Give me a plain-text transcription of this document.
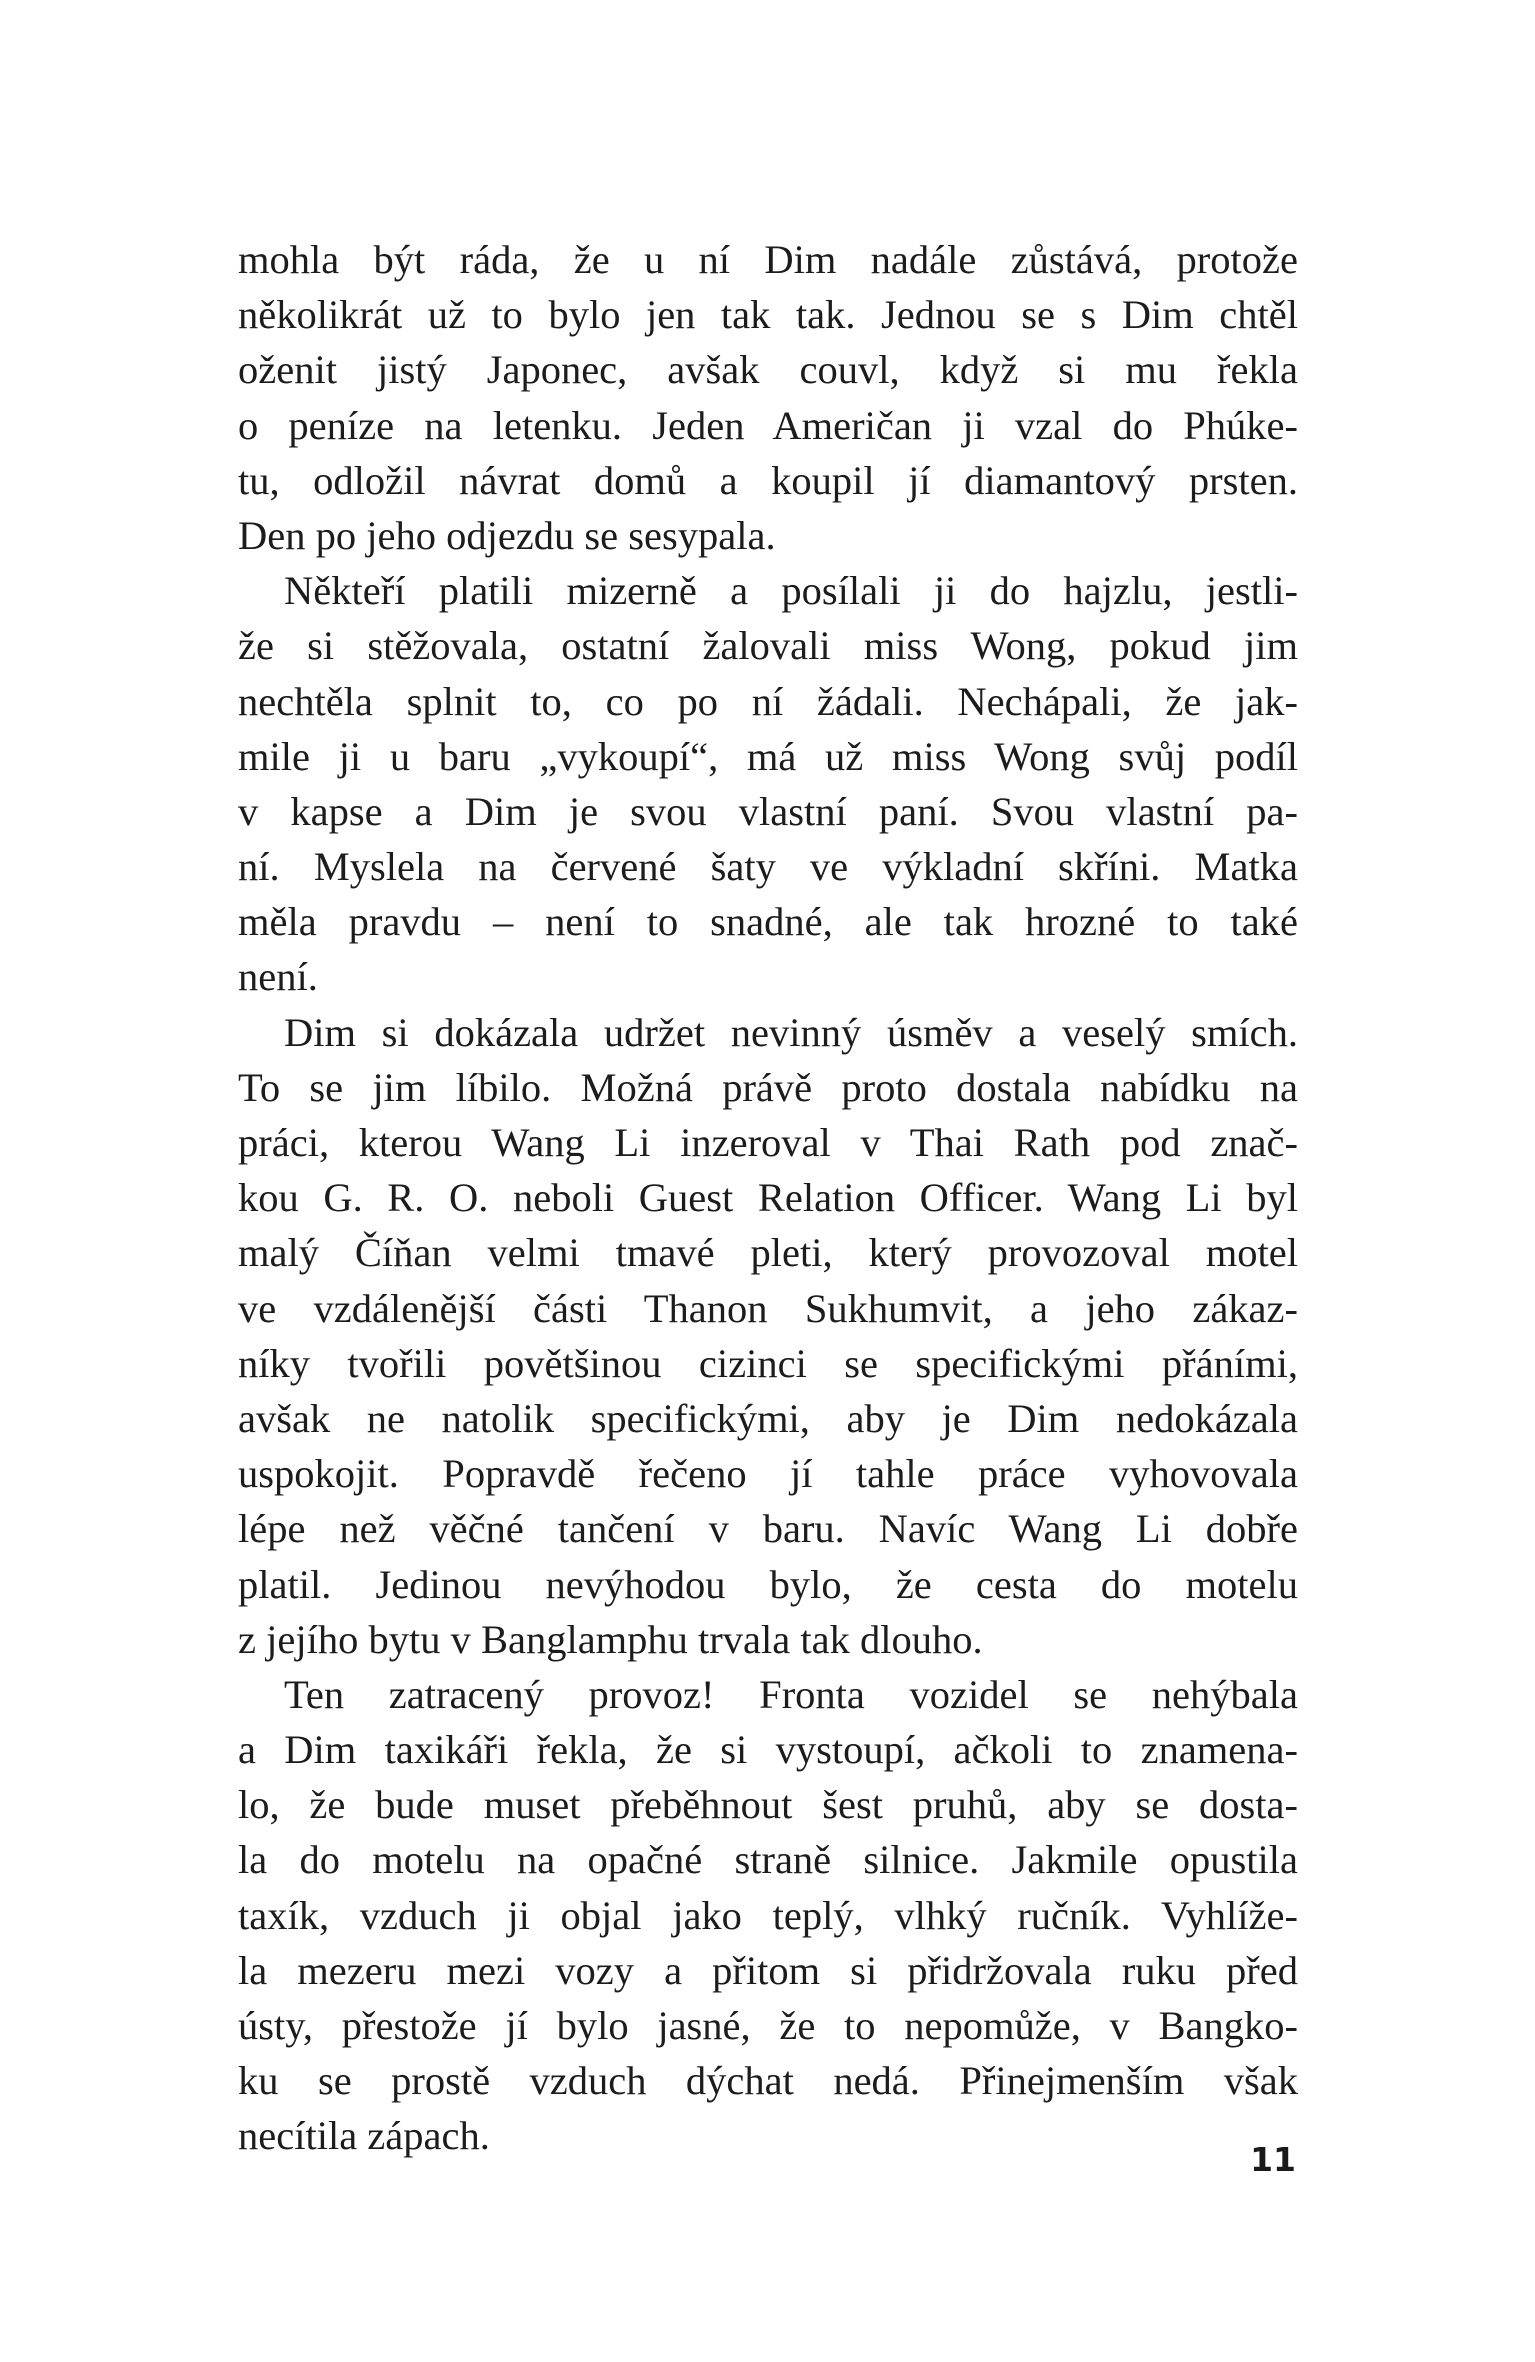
mohla být ráda, že u ní Dim nadále zůstává, protože
několikrát už to bylo jen tak tak. Jednou se s Dim chtěl
oženit jistý Japonec, avšak couvl, když si mu řekla
o peníze na letenku. Jeden Američan ji vzal do Phúke-
tu, odložil návrat domů a koupil jí diamantový prsten.
Den po jeho odjezdu se sesypala.
Někteří platili mizerně a posílali ji do hajzlu, jestli-
že si stěžovala, ostatní žalovali miss Wong, pokud jim
nechtěla splnit to, co po ní žádali. Nechápali, že jak-
mile ji u baru „vykoupí“, má už miss Wong svůj podíl
v kapse a Dim je svou vlastní paní. Svou vlastní pa-
ní. Myslela na červené šaty ve výkladní skříni. Matka
měla pravdu – není to snadné, ale tak hrozné to také
není.
Dim si dokázala udržet nevinný úsměv a veselý smích.
To se jim líbilo. Možná právě proto dostala nabídku na
práci, kterou Wang Li inzeroval v Thai Rath pod znač-
kou G. R. O. neboli Guest Relation Officer. Wang Li byl
malý Číňan velmi tmavé pleti, který provozoval motel
ve vzdálenější části Thanon Sukhumvit, a jeho zákaz-
níky tvořili povětšinou cizinci se specifickými přáními,
avšak ne natolik specifickými, aby je Dim nedokázala
uspokojit. Popravdě řečeno jí tahle práce vyhovovala
lépe než věčné tančení v baru. Navíc Wang Li dobře
platil. Jedinou nevýhodou bylo, že cesta do motelu
z jejího bytu v Banglamphu trvala tak dlouho.
Ten zatracený provoz! Fronta vozidel se nehýbala
a Dim taxikáři řekla, že si vystoupí, ačkoli to znamena-
lo, že bude muset přeběhnout šest pruhů, aby se dosta-
la do motelu na opačné straně silnice. Jakmile opustila
taxík, vzduch ji objal jako teplý, vlhký ručník. Vyhlíže-
la mezeru mezi vozy a přitom si přidržovala ruku před
ústy, přestože jí bylo jasné, že to nepomůže, v Bangko-
ku se prostě vzduch dýchat nedá. Přinejmenším však
necítila zápach.
11
